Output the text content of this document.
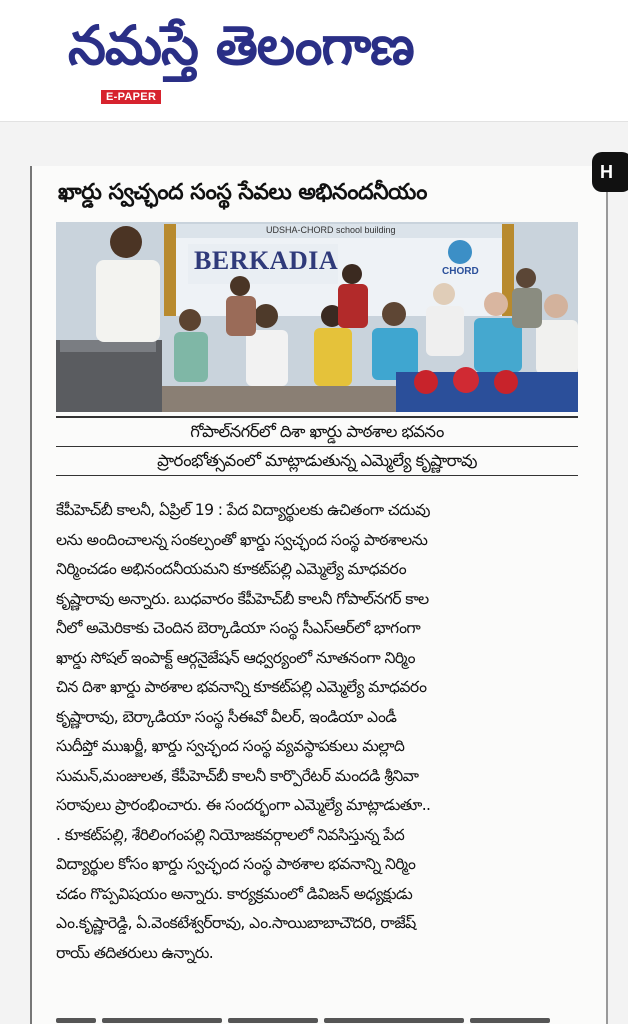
నమస్తే తెలంగాణ
E-PAPER
H
ఖార్డు స్వచ్ఛంద సంస్థ సేవలు అభినందనీయం
BERKADIA
UDSHA-CHORD school building
CHORD
గోపాల్‌నగర్‌లో దిశా ఖార్డు పాఠశాల భవనం
ప్రారంభోత్సవంలో మాట్లాడుతున్న ఎమ్మెల్యే కృష్ణారావు
కేపీహెచ్‌బీ కాలనీ, ఏప్రిల్ 19 : పేద విద్యార్థులకు ఉచితంగా చదువు
లను అందించాలన్న సంకల్పంతో ఖార్డు స్వచ్ఛంద సంస్థ పాఠశాలను
నిర్మించడం అభినందనీయమని కూకట్‌పల్లి ఎమ్మెల్యే మాధవరం
కృష్ణారావు అన్నారు. బుధవారం కేపీహెచ్‌బీ కాలనీ గోపాల్‌నగర్ కాల
నీలో అమెరికాకు చెందిన బెర్కాడియా సంస్థ సీఎస్ఆర్‌లో భాగంగా
ఖార్డు సోషల్ ఇంపాక్ట్ ఆర్గనైజేషన్ ఆధ్వర్యంలో నూతనంగా నిర్మిం
చిన దిశా ఖార్డు పాఠశాల భవనాన్ని కూకట్‌పల్లి ఎమ్మెల్యే మాధవరం
కృష్ణారావు, బెర్కాడియా సంస్థ సీఈవో వీలర్, ఇండియా ఎండీ
సుదీప్తో ముఖర్జీ, ఖార్డు స్వచ్ఛంద సంస్థ వ్యవస్థాపకులు మల్లాది
సుమన్,మంజులత, కేపీహెచ్‌బీ కాలనీ కార్పొరేటర్ మందడి శ్రీనివా
సరావులు ప్రారంభించారు. ఈ సందర్భంగా ఎమ్మెల్యే మాట్లాడుతూ..
. కూకట్‌పల్లి, శేరిలింగంపల్లి నియోజకవర్గాలలో నివసిస్తున్న పేద
విద్యార్థుల కోసం ఖార్డు స్వచ్ఛంద సంస్థ పాఠశాల భవనాన్ని నిర్మిం
చడం గొప్పవిషయం అన్నారు. కార్యక్రమంలో డివిజన్ అధ్యక్షుడు
ఎం.కృష్ణారెడ్డి, ఏ.వెంకటేశ్వర్‌రావు, ఎం.సాయిబాబాచౌదరి, రాజేష్
రాయ్ తదితరులు ఉన్నారు.
